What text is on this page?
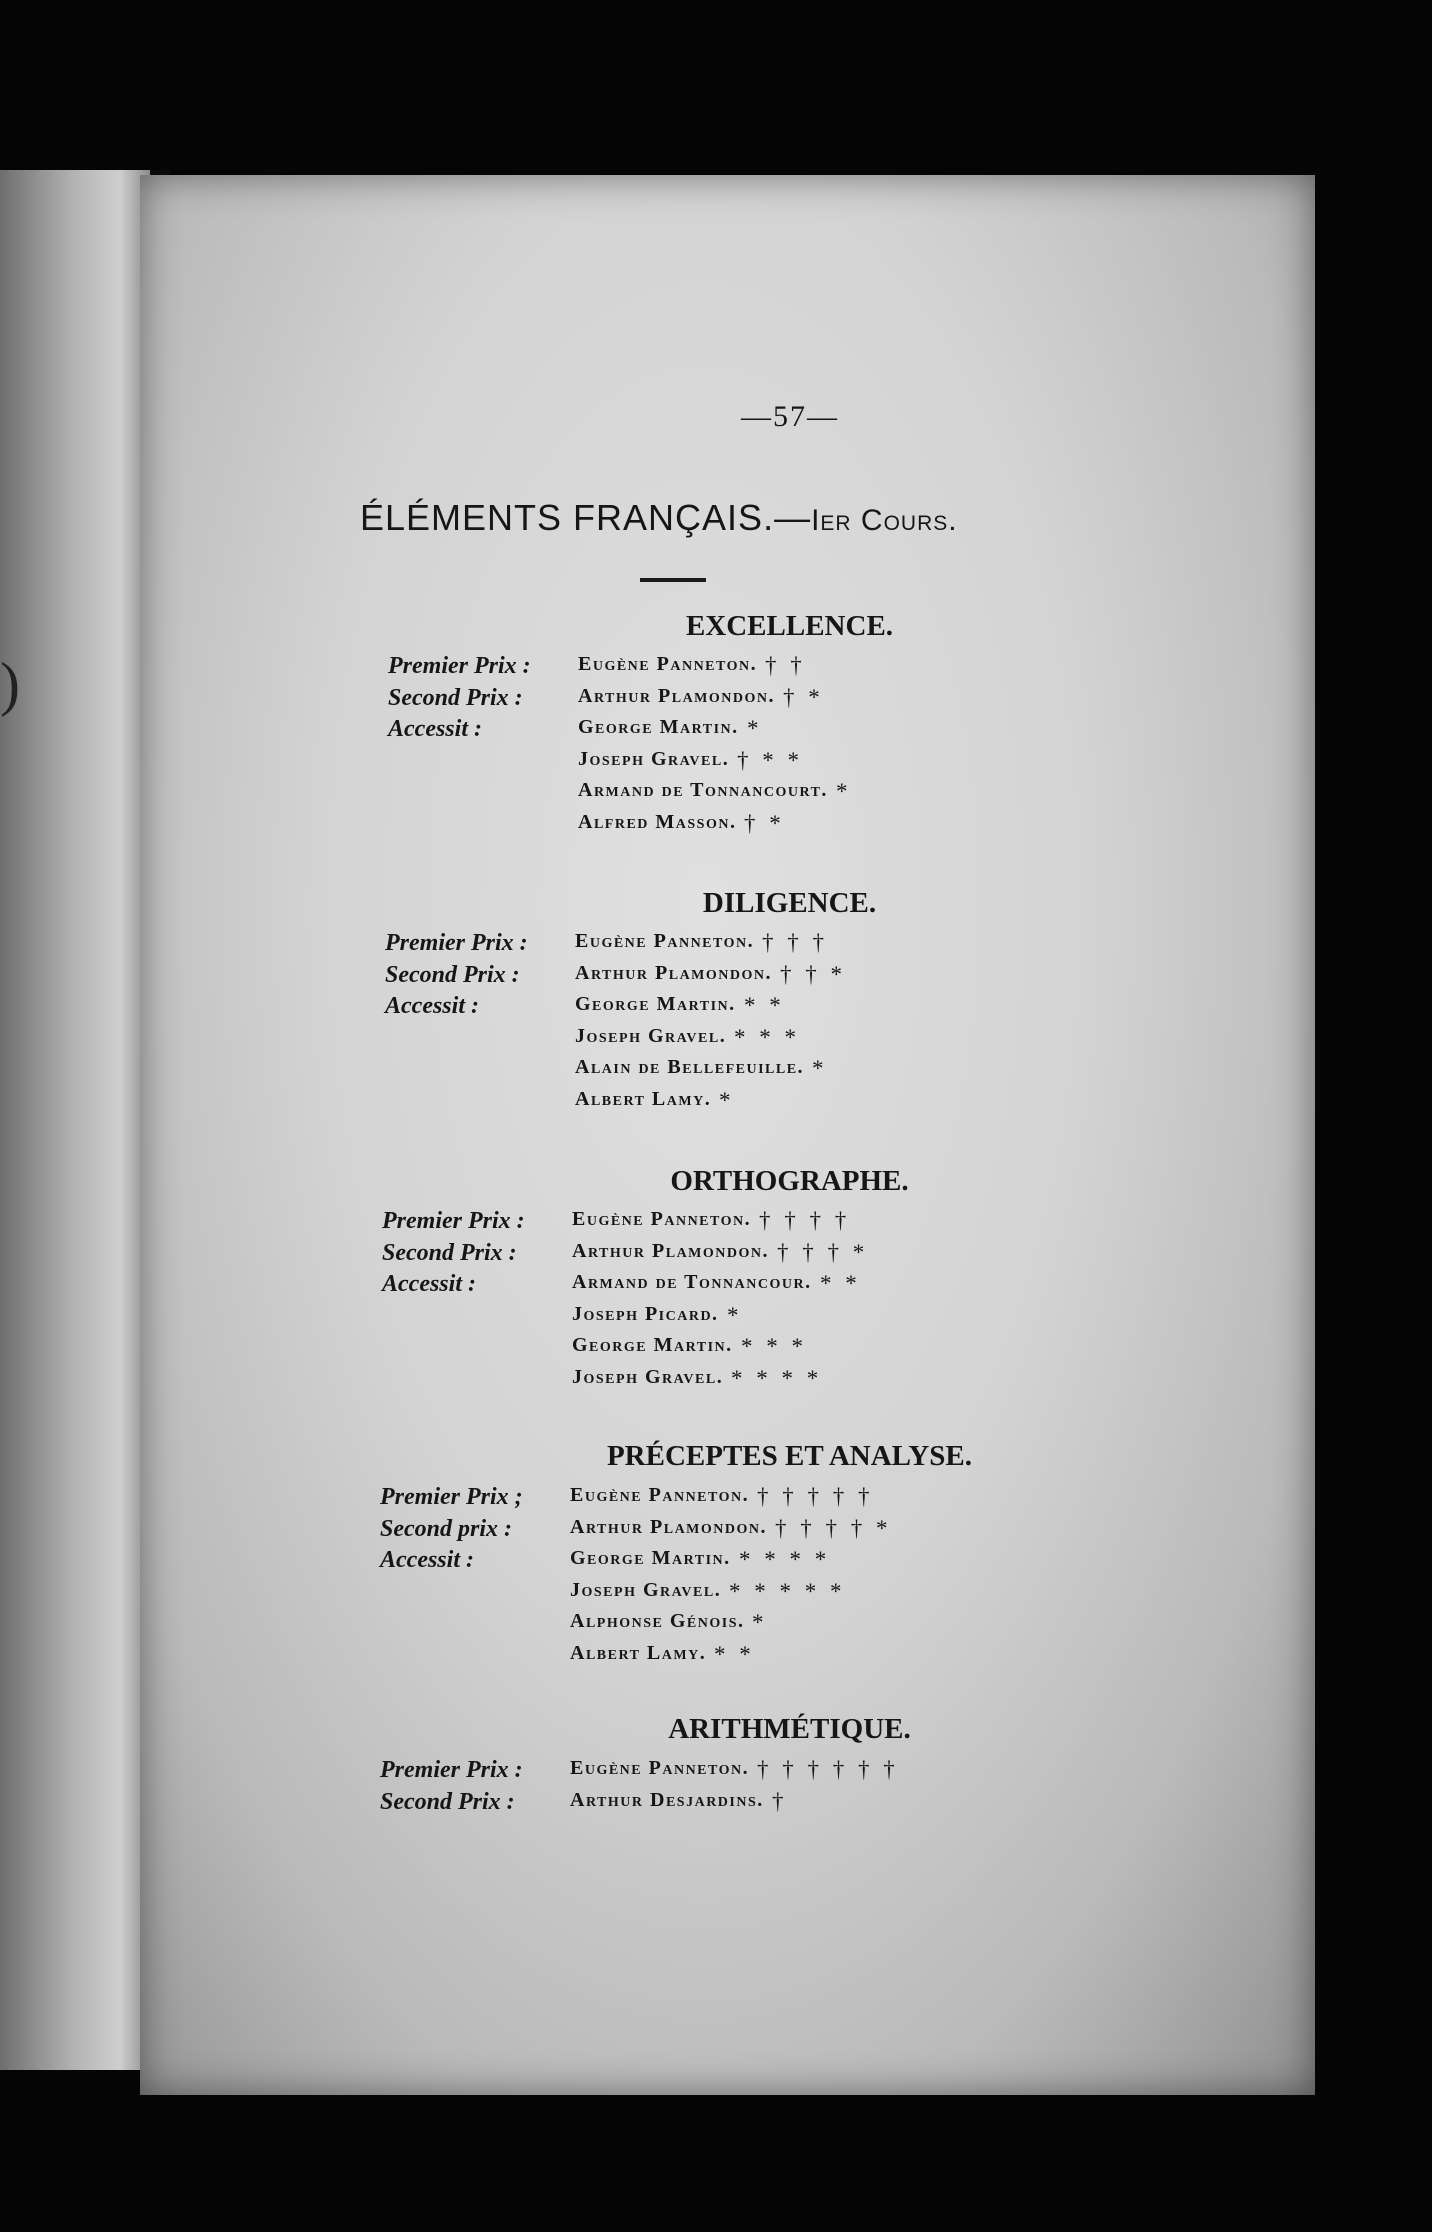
)
—57—
ÉLÉMENTS FRANÇAIS.—Ier Cours.
EXCELLENCE.
Premier Prix : Eugène Panneton. † †
Second Prix :	Arthur Plamondon. † *
Accessit :	George Martin. *
Joseph Gravel. † * *
Armand de Tonnancourt. *
Alfred Masson. † *
DILIGENCE.
Premier Prix : Eugène Panneton. † † †
Second Prix :	Arthur Plamondon. † † *
Accessit :	George Martin. * *
Joseph Gravel. * * *
Alain de Bellefeuille. *
Albert Lamy. *
ORTHOGRAPHE.
Premier Prix : Eugène Panneton. † † † †
Second Prix :	Arthur Plamondon. † † † *
Accessit :	Armand de Tonnancour. * *
Joseph Picard. *
George Martin. * * *
Joseph Gravel. * * * *
PRÉCEPTES ET ANALYSE.
Premier Prix ; Eugène Panneton. † † † † †
Second prix :	Arthur Plamondon. † † † † *
Accessit :	George Martin. * * * *
Joseph Gravel. * * * * *
Alphonse Génois. *
Albert Lamy. * *
ARITHMÉTIQUE.
Premier Prix : Eugène Panneton. † † † † † †
Second Prix :	Arthur Desjardins. †
